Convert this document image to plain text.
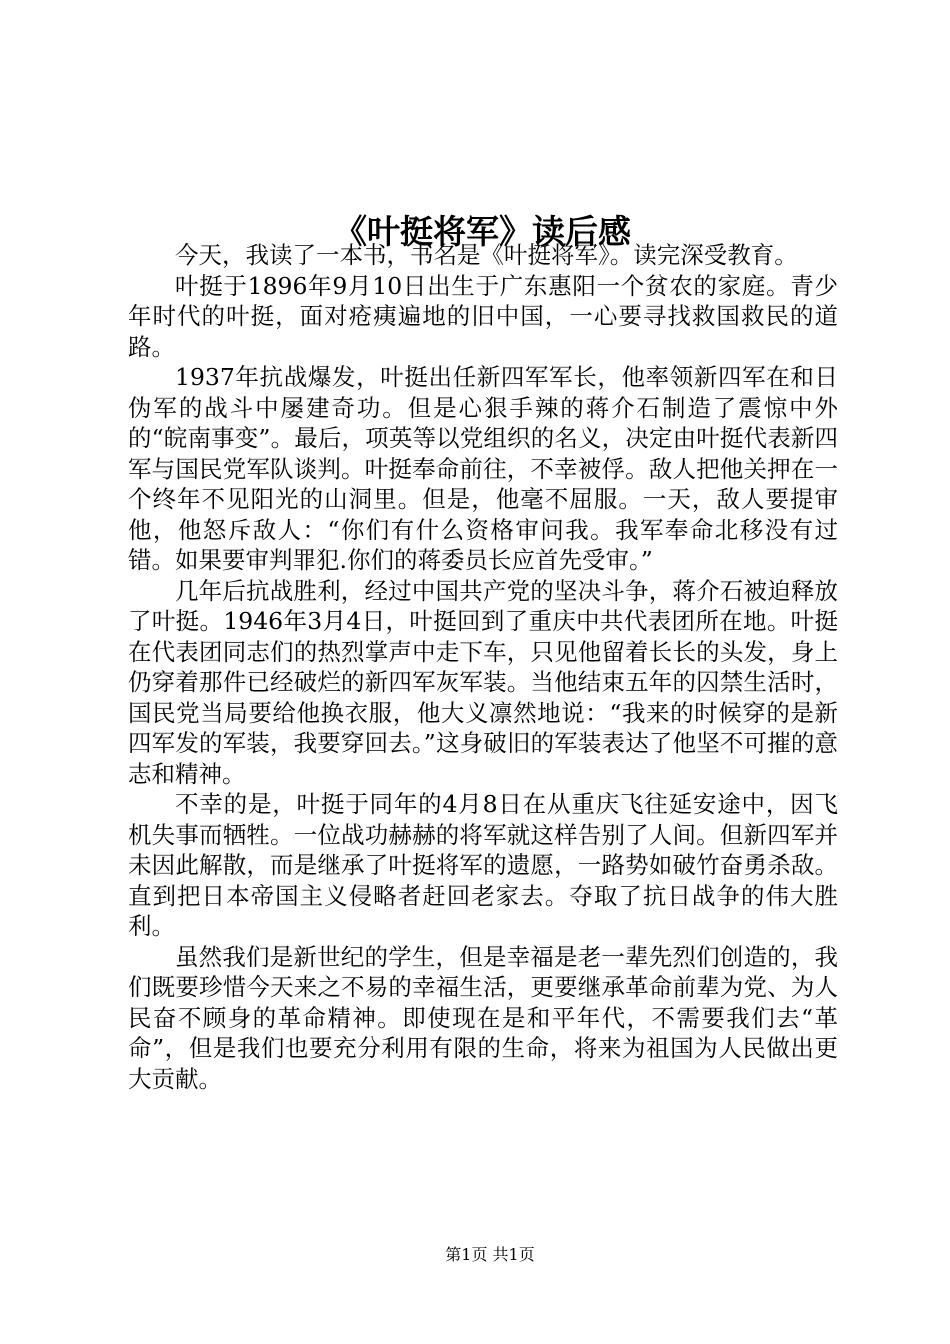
《叶挺将军》读后感

今天，我读了一本书，书名是《叶挺将军》。读完深受教育。

叶挺于1896年9月10日出生于广东惠阳一个贫农的家庭。青少年时代的叶挺，面对疮痍遍地的旧中国，一心要寻找救国救民的道路。

1937年抗战爆发，叶挺出任新四军军长，他率领新四军在和日伪军的战斗中屡建奇功。但是心狠手辣的蒋介石制造了震惊中外的“皖南事变”。最后，项英等以党组织的名义，决定由叶挺代表新四军与国民党军队谈判。叶挺奉命前往，不幸被俘。敌人把他关押在一个终年不见阳光的山洞里。但是，他毫不屈服。一天，敌人要提审他，他怒斥敌人：“你们有什么资格审问我。我军奉命北移没有过错。如果要审判罪犯.你们的蒋委员长应首先受审。”

几年后抗战胜利，经过中国共产党的坚决斗争，蒋介石被迫释放了叶挺。1946年3月4日，叶挺回到了重庆中共代表团所在地。叶挺在代表团同志们的热烈掌声中走下车，只见他留着长长的头发，身上仍穿着那件已经破烂的新四军灰军装。当他结束五年的囚禁生活时，国民党当局要给他换衣服，他大义凛然地说：“我来的时候穿的是新四军发的军装，我要穿回去。”这身破旧的军装表达了他坚不可摧的意志和精神。

不幸的是，叶挺于同年的4月8日在从重庆飞往延安途中，因飞机失事而牺牲。一位战功赫赫的将军就这样告别了人间。但新四军并未因此解散，而是继承了叶挺将军的遗愿，一路势如破竹奋勇杀敌。直到把日本帝国主义侵略者赶回老家去。夺取了抗日战争的伟大胜利。

虽然我们是新世纪的学生，但是幸福是老一辈先烈们创造的，我们既要珍惜今天来之不易的幸福生活，更要继承革命前辈为党、为人民奋不顾身的革命精神。即使现在是和平年代，不需要我们去“革命”，但是我们也要充分利用有限的生命，将来为祖国为人民做出更大贡献。

第1页 共1页
